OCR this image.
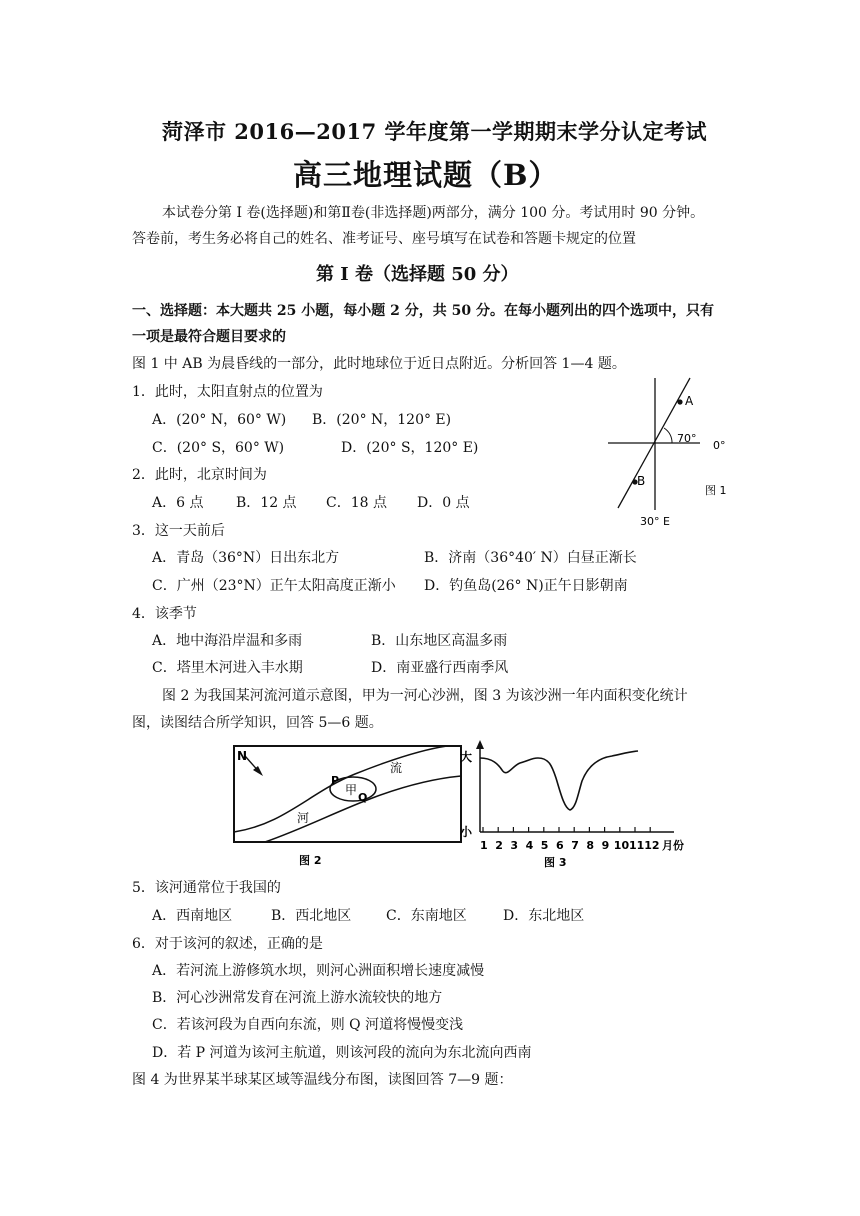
菏泽市 2016—2017 学年度第一学期期末学分认定考试
高三地理试题（B）
本试卷分第 I 卷(选择题)和第Ⅱ卷(非选择题)两部分，满分 100 分。考试用时 90 分钟。
答卷前，考生务必将自己的姓名、准考证号、座号填写在试卷和答题卡规定的位置
第 I 卷（选择题 50 分）
一、选择题：本大题共 25 小题，每小题 2 分，共 50 分。在每小题列出的四个选项中，只有
一项是最符合题目要求的
图 1 中 AB 为晨昏线的一部分，此时地球位于近日点附近。分析回答 1—4 题。
1．此时，太阳直射点的位置为
A．(20° N，60° W) B．(20° N，120° E)
C．(20° S，60° W)	D．(20° S，120° E)
2．此时，北京时间为
A．6 点 B．12 点 C．18 点 D．0 点
A
B
70°
0°
30° E
图 1
3．这一天前后
A．青岛（36°N）日出东北方	B．济南（36°40′ N）白昼正渐长
C．广州（23°N）正午太阳高度正渐小 D．钓鱼岛(26° N)正午日影朝南
4．该季节
A．地中海沿岸温和多雨	B．山东地区高温多雨
C．塔里木河进入丰水期	D．南亚盛行西南季风
图 2 为我国某河流河道示意图，甲为一河心沙洲，图 3 为该沙洲一年内面积变化统计
图，读图结合所学知识，回答 5—6 题。
N
P
Q
甲
流
河
图 2
大
小
1 2 3 4 5 6 7 8 9 10 11 12 月份
图 3
5．该河通常位于我国的
A．西南地区	B．西北地区 C．东南地区	D．东北地区
6．对于该河的叙述，正确的是
A．若河流上游修筑水坝，则河心洲面积增长速度减慢
B．河心沙洲常发育在河流上游水流较快的地方
C．若该河段为自西向东流，则 Q 河道将慢慢变浅
D．若 P 河道为该河主航道，则该河段的流向为东北流向西南
图 4 为世界某半球某区域等温线分布图，读图回答 7—9 题：
